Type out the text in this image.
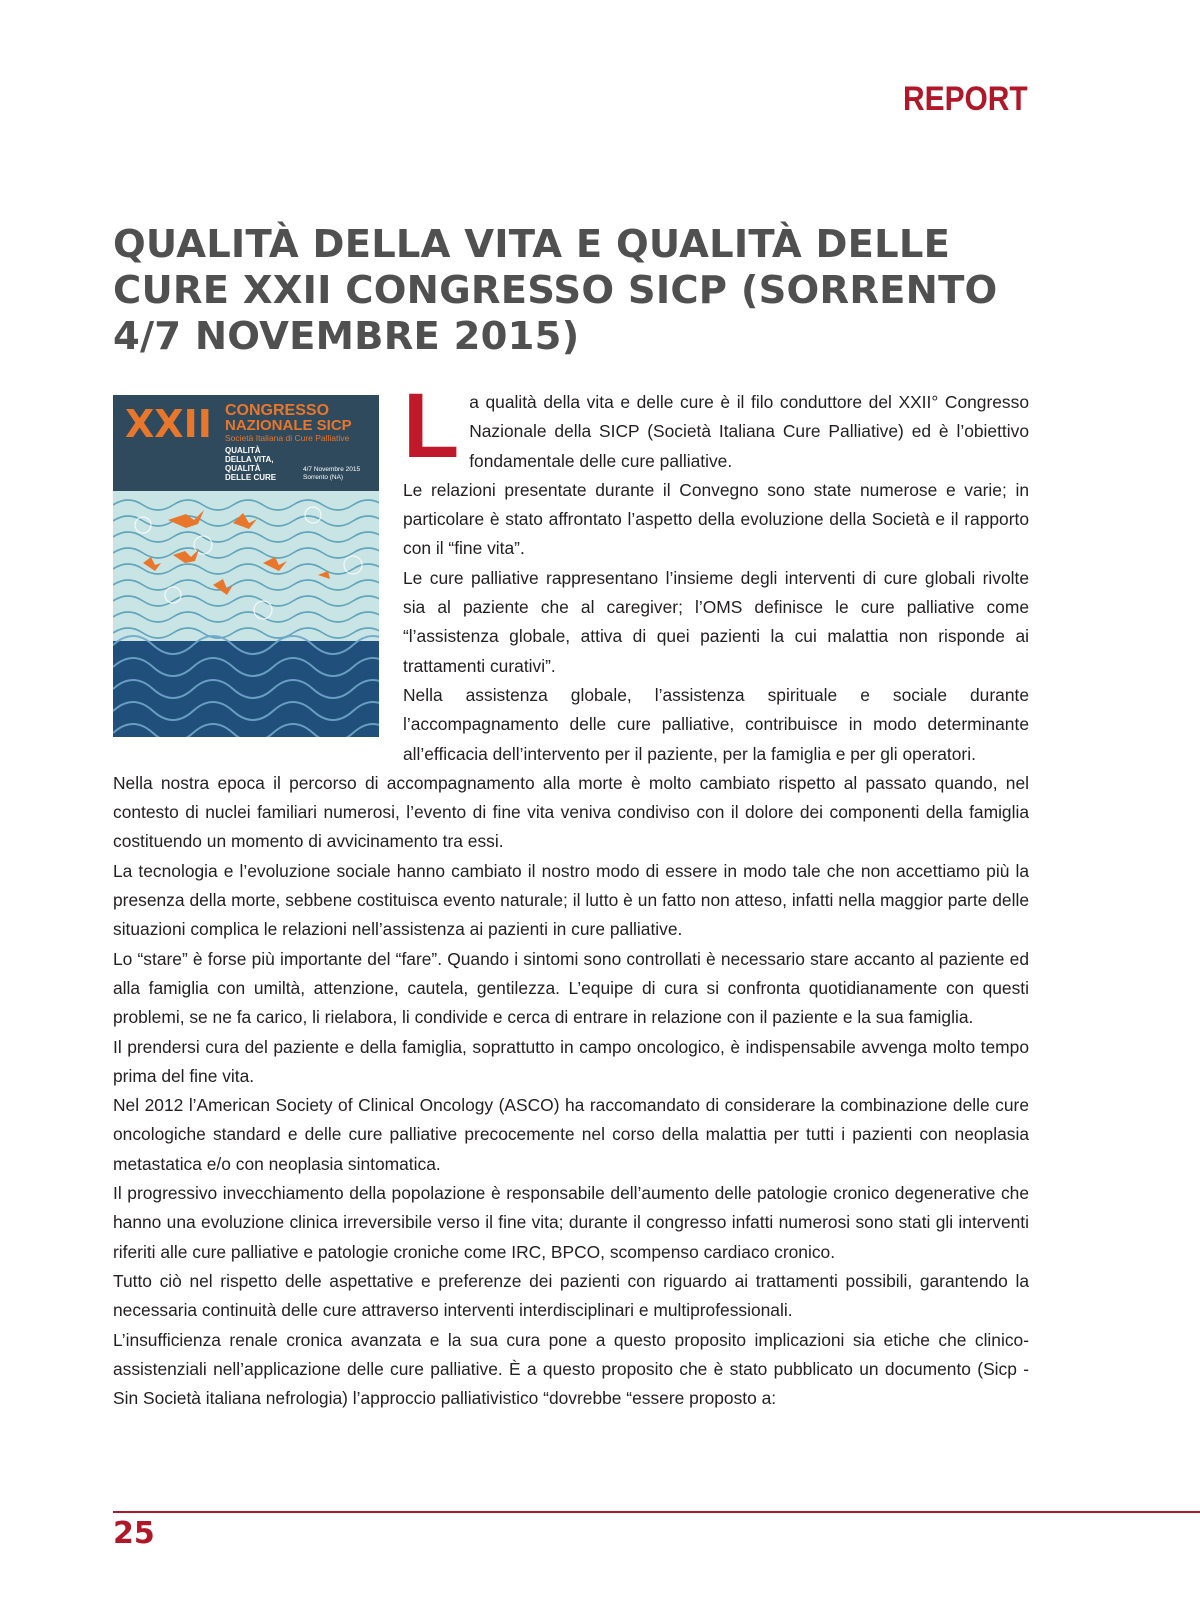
REPORT
QUALITÀ DELLA VITA E QUALITÀ DELLE CURE XXII CONGRESSO SICP (SORRENTO 4/7 NOVEMBRE 2015)
XXII CONGRESSO
NAZIONALE SICP
Società Italiana di Cure Palliative
QUALITÀ
DELLA VITA,
QUALITÀ
DELLE CURE
4/7 Novembre 2015
Sorrento (NA)

La qualità della vita e delle cure è il filo conduttore del XXII° Congresso Nazionale della SICP (Società Italiana Cure Palliative) ed è l’obiettivo fondamentale delle cure palliative.

Le relazioni presentate durante il Convegno sono state numerose e varie; in particolare è stato affrontato l’aspetto della evoluzione della Società e il rapporto con il “fine vita”.

Le cure palliative rappresentano l’insieme degli interventi di cure globali rivolte sia al paziente che al caregiver; l’OMS definisce le cure palliative come “l’assistenza globale, attiva di quei pazienti la cui malattia non risponde ai trattamenti curativi”.

Nella assistenza globale, l’assistenza spirituale e sociale durante l’accompagnamento delle cure palliative, contribuisce in modo determinante all’efficacia dell’intervento per il paziente, per la famiglia e per gli operatori.

Nella nostra epoca il percorso di accompagnamento alla morte è molto cambiato rispetto al passato quando, nel contesto di nuclei familiari numerosi, l’evento di fine vita veniva condiviso con il dolore dei componenti della famiglia costituendo un momento di avvicinamento tra essi.

La tecnologia e l’evoluzione sociale hanno cambiato il nostro modo di essere in modo tale che non accettiamo più la presenza della morte, sebbene costituisca evento naturale; il lutto è un fatto non atteso, infatti nella maggior parte delle situazioni complica le relazioni nell’assistenza ai pazienti in cure palliative.

Lo “stare” è forse più importante del “fare”. Quando i sintomi sono controllati è necessario stare accanto al paziente ed alla famiglia con umiltà, attenzione, cautela, gentilezza. L’equipe di cura si confronta quotidianamente con questi problemi, se ne fa carico, li rielabora, li condivide e cerca di entrare in relazione con il paziente e la sua famiglia.

Il prendersi cura del paziente e della famiglia, soprattutto in campo oncologico, è indispensabile avvenga molto tempo prima del fine vita.

Nel 2012 l’American Society of Clinical Oncology (ASCO) ha raccomandato di considerare la combinazione delle cure oncologiche standard e delle cure palliative precocemente nel corso della malattia per tutti i pazienti con neoplasia metastatica e/o con neoplasia sintomatica.

Il progressivo invecchiamento della popolazione è responsabile dell’aumento delle patologie cronico degenerative che hanno una evoluzione clinica irreversibile verso il fine vita; durante il congresso infatti numerosi sono stati gli interventi riferiti alle cure palliative e patologie croniche come IRC, BPCO, scompenso cardiaco cronico.

Tutto ciò nel rispetto delle aspettative e preferenze dei pazienti con riguardo ai trattamenti possibili, garantendo la necessaria continuità delle cure attraverso interventi interdisciplinari e multiprofessionali.

L’insufficienza renale cronica avanzata e la sua cura pone a questo proposito implicazioni sia etiche che clinico-assistenziali nell’applicazione delle cure palliative. È a questo proposito che è stato pubblicato un documento (Sicp - Sin Società italiana nefrologia) l’approccio palliativistico “dovrebbe “essere proposto a:

25
